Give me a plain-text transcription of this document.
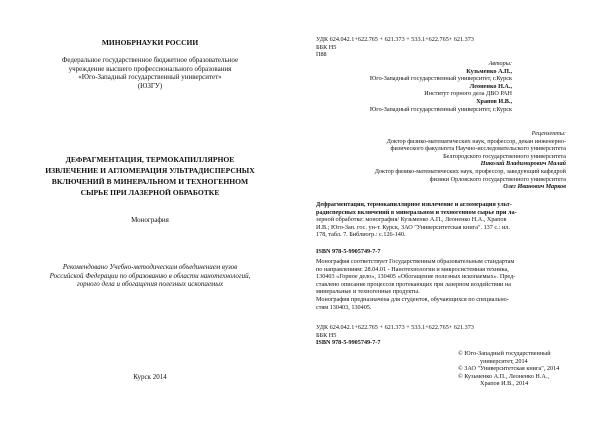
МИНОБРНАУКИ РОССИИ
Федеральное государственное бюджетное образовательное
учреждение высшего профессионального образования
«Юго-Западный государственный университет»
(ЮЗГУ)
ДЕФРАГМЕНТАЦИЯ, ТЕРМОКАПИЛЛЯРНОЕ
ИЗВЛЕЧЕНИЕ И АГЛОМЕРАЦИЯ УЛЬТРАДИСПЕРСНЫХ
ВКЛЮЧЕНИЙ В МИНЕРАЛЬНОМ И ТЕХНОГЕННОМ
СЫРЬЕ ПРИ ЛАЗЕРНОЙ ОБРАБОТКЕ
Монография
Рекомендовано Учебно-методическим объединением вузов
Российской Федерации по образованию в области нанотехнологий,
горного дела и обогащения полезных ископаемых
Курск 2014
УДК 624.042.1+622.765 + 621.373 + 533.1+622.765+ 621.373
ББК Н5
П88
Авторы:
Кузьменко А.П.,
Юго-Западный государственный университет, г.Курск
Леоненко Н.А.,
Институт горного дела ДВО РАН
Храпов И.В.,
Юго-Западный государственный университет, г.Курск
Рецензенты:
Доктор физико-математических наук, профессор, декан инженерно-
физического факультета Научно-исследовательского университета
Белгородского государственного университета
Николай Владимирович Малай
Доктор физико-математических наук, профессор, заведующий кафедрой
физики Орловского государственного университета
Олег Иванович Марков
Дефрагментация, термокапиллярное извлечение и агломерация ульт-
радисперсных включений в минеральном и техногенном сырье при ла-
зерной обработке: монография/ Кузьменко А.П., Леоненко Н.А., Храпов
И.В.; Юго-Зап. гос. ун-т. Курск, ЗАО "Университетская книга". 137 с.: ил.
178, табл. 7. Библиогр.: с.126-140.
ISBN 978-5-9905749-7-7
Монография соответствует Государственным образовательным стандартам
по направлениям: 28.04.01 - Нанотехнологии и микросистемная техника,
130403 «Горное дело», 130405 «Обогащение полезных ископаемых». Пред-
ставлено описание процессов протекающих при лазерном воздействии на
минеральные и техногенные продукты.
Монография предназначена для студентов, обучающихся по специально-
стям 130403, 130405.
УДК 624.042.1+622.765 + 621.373 + 533.1+622.765+ 621.373
ББК Н5
ISBN 978-5-9905749-7-7
© Юго-Западный государственный
университет, 2014
© ЗАО "Университетская книга", 2014
© Кузьменко А.П., Леоненко Н.А.,
Храпов И.В., 2014
